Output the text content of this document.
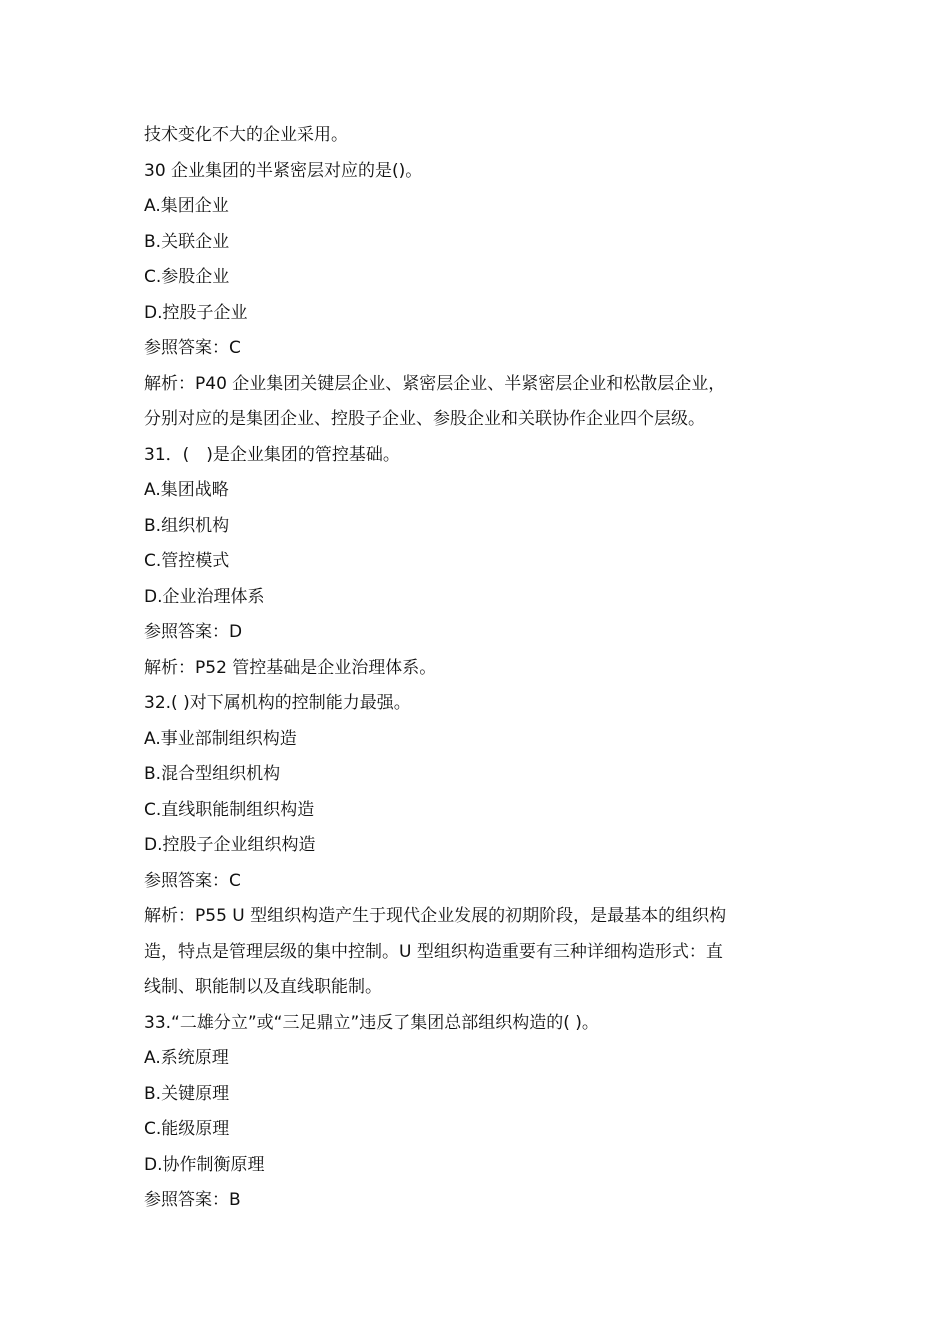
技术变化不大的企业采用。
30 企业集团的半紧密层对应的是()。
A.集团企业
B.关联企业
C.参股企业
D.控股子企业
参照答案：C
解析：P40 企业集团关键层企业、紧密层企业、半紧密层企业和松散层企业，
分别对应的是集团企业、控股子企业、参股企业和关联协作企业四个层级。
31．(　)是企业集团的管控基础。
A.集团战略
B.组织机构
C.管控模式
D.企业治理体系
参照答案：D
解析：P52 管控基础是企业治理体系。
32.( )对下属机构的控制能力最强。
A.事业部制组织构造
B.混合型组织机构
C.直线职能制组织构造
D.控股子企业组织构造
参照答案：C
解析：P55 U 型组织构造产生于现代企业发展的初期阶段，是最基本的组织构
造，特点是管理层级的集中控制。U 型组织构造重要有三种详细构造形式：直
线制、职能制以及直线职能制。
33.“二雄分立”或“三足鼎立”违反了集团总部组织构造的( )。
A.系统原理
B.关键原理
C.能级原理
D.协作制衡原理
参照答案：B
